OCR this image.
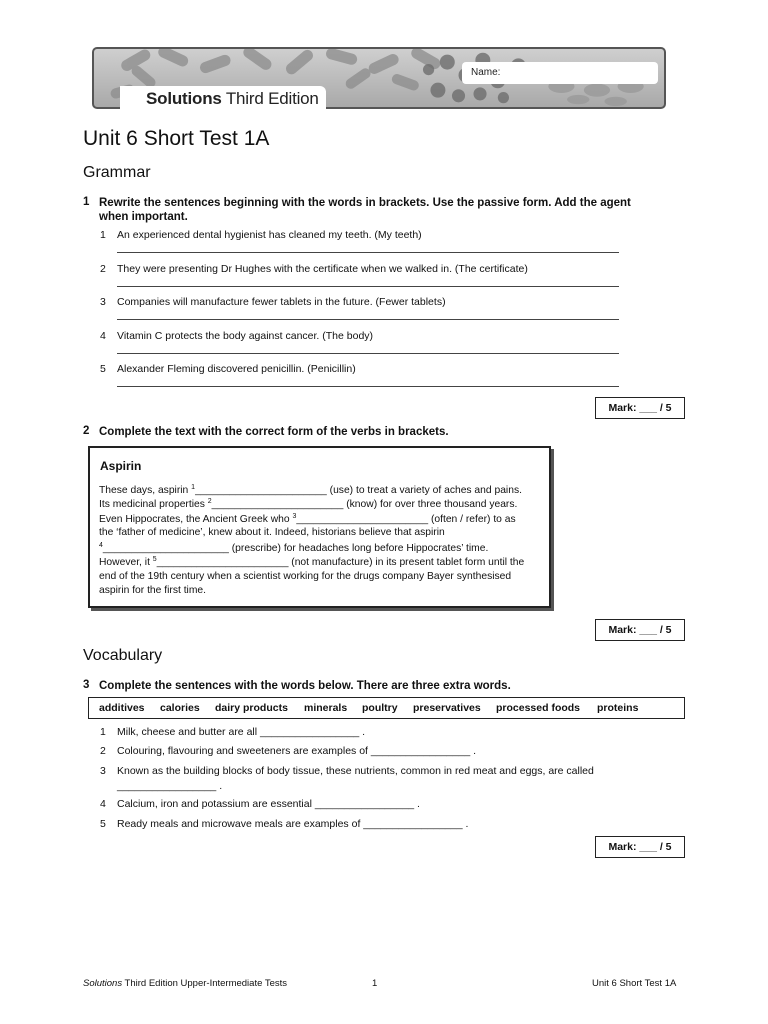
Solutions Third Edition
Name:
Unit 6 Short Test 1A
Grammar
1 Rewrite the sentences beginning with the words in brackets. Use the passive form. Add the agent
when important.
1 An experienced dental hygienist has cleaned my teeth. (My teeth)
2 They were presenting Dr Hughes with the certificate when we walked in. (The certificate)
3 Companies will manufacture fewer tablets in the future. (Fewer tablets)
4 Vitamin C protects the body against cancer. (The body)
5 Alexander Fleming discovered penicillin. (Penicillin)
Mark: ___ / 5
2 Complete the text with the correct form of the verbs in brackets.
Aspirin
These days, aspirin $^1$_______________________ (use) to treat a variety of aches and pains.
Its medicinal properties $^2$_______________________ (know) for over three thousand years.
Even Hippocrates, the Ancient Greek who $^3$_______________________ (often / refer) to as
the ‘father of medicine’, knew about it. Indeed, historians believe that aspirin
$^4$______________________ (prescribe) for headaches long before Hippocrates’ time.
However, it $^5$_______________________ (not manufacture) in its present tablet form until the
end of the 19th century when a scientist working for the drugs company Bayer synthesised
aspirin for the first time.
Mark: ___ / 5
Vocabulary
3 Complete the sentences with the words below. There are three extra words.
additives calories dairy products minerals poultry preservatives processed foods proteins
1 Milk, cheese and butter are all _________________ .
2 Colouring, flavouring and sweeteners are examples of _________________ .
3 Known as the building blocks of body tissue, these nutrients, common in red meat and eggs, are called
_________________ .
4 Calcium, iron and potassium are essential _________________ .
5 Ready meals and microwave meals are examples of _________________ .
Mark: ___ / 5
Solutions Third Edition Upper-Intermediate Tests	1	Unit 6 Short Test 1A
